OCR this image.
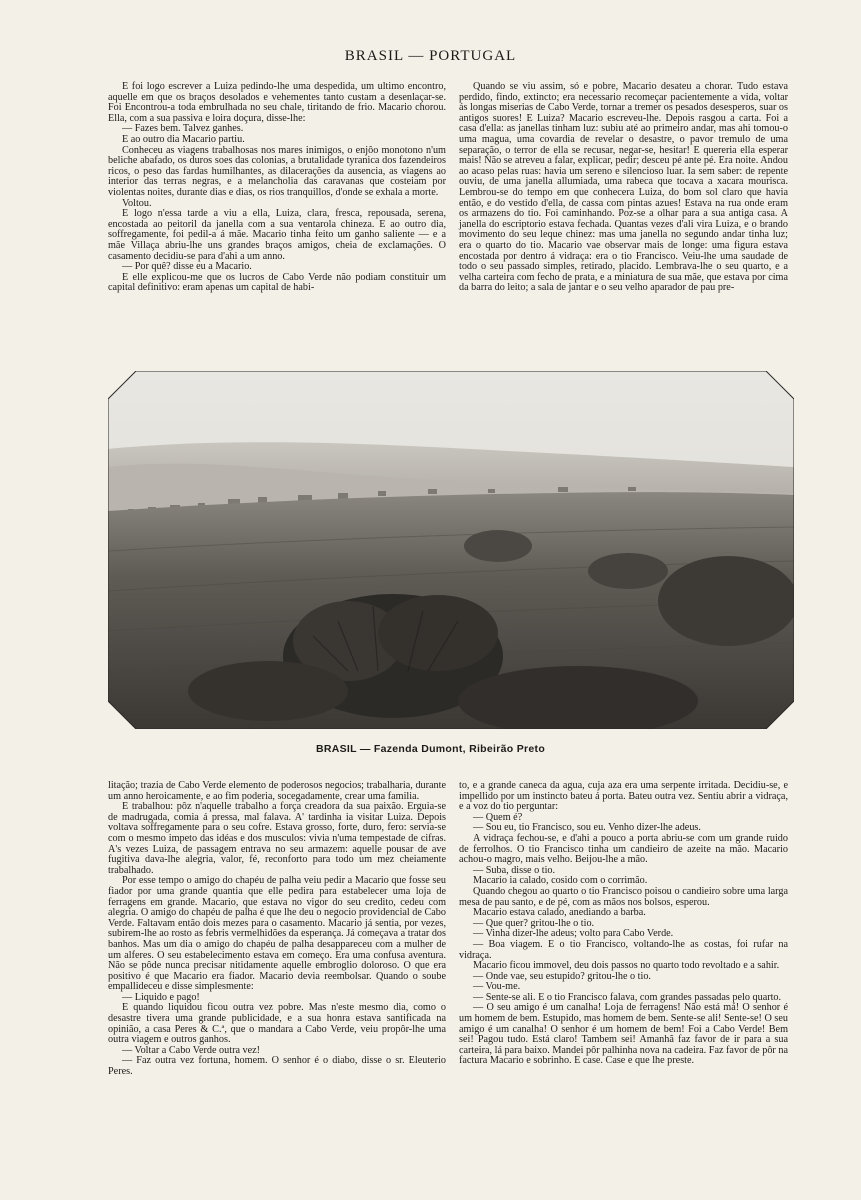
BRASIL — PORTUGAL

E foi logo escrever a Luiza pedindo-lhe uma despedida, um ultimo encontro, aquelle em que os braços desolados e vehementes tanto custam a desenlaçar-se. Foi Encontrou-a toda embrulhada no seu chale, tiritando de frio. Macario chorou. Ella, com a sua passiva e loira doçura, disse-lhe:

— Fazes bem. Talvez ganhes.

E ao outro dia Macario partiu.

Conheceu as viagens trabalhosas nos mares inimigos, o enjôo monotono n'um beliche abafado, os duros soes das colonias, a brutalidade tyranica dos fazendeiros ricos, o peso das fardas humilhantes, as dilacerações da ausencia, as viagens ao interior das terras negras, e a melancholia das caravanas que costeiam por violentas noites, durante dias e dias, os rios tranquillos, d'onde se exhala a morte.

Voltou.

E logo n'essa tarde a viu a ella, Luiza, clara, fresca, repousada, serena, encostada ao peitoril da janella com a sua ventarola chineza. E ao outro dia, soffregamente, foi pedil-a á mãe. Macario tinha feito um ganho saliente — e a mãe Villaça abriu-lhe uns grandes braços amigos, cheia de exclamações. O casamento decidiu-se para d'ahi a um anno.

— Por quê? disse eu a Macario.

E elle explicou-me que os lucros de Cabo Verde não podiam constituir um capital definitivo: eram apenas um capital de habi-

Quando se viu assim, só e pobre, Macario desateu a chorar. Tudo estava perdido, findo, extincto; era necessario recomeçar pacientemente a vida, voltar ás longas miserias de Cabo Verde, tornar a tremer os pesados desesperos, suar os antigos suores! E Luiza? Macario escreveu-lhe. Depois rasgou a carta. Foi a casa d'ella: as janellas tinham luz: subiu até ao primeiro andar, mas ahi tomou-o uma magua, uma covardia de revelar o desastre, o pavor tremulo de uma separação, o terror de ella se recusar, negar-se, hesitar! E quereria ella esperar mais! Não se atreveu a falar, explicar, pedir; desceu pé ante pé. Era noite. Andou ao acaso pelas ruas: havia um sereno e silencioso luar. Ia sem saber: de repente ouviu, de uma janella allumiada, uma rabeca que tocava a xacara mourisca. Lembrou-se do tempo em que conhecera Luiza, do bom sol claro que havia então, e do vestido d'ella, de cassa com pintas azues! Estava na rua onde eram os armazens do tio. Foi caminhando. Poz-se a olhar para a sua antiga casa. A janella do escriptorio estava fechada. Quantas vezes d'ali vira Luiza, e o brando movimento do seu leque chinez: mas uma janella no segundo andar tinha luz; era o quarto do tio. Macario vae observar mais de longe: uma figura estava encostada por dentro á vidraça: era o tio Francisco. Veiu-lhe uma saudade de todo o seu passado simples, retirado, placido. Lembrava-lhe o seu quarto, e a velha carteira com fecho de prata, e a miniatura de sua mãe, que estava por cima da barra do leito; a sala de jantar e o seu velho aparador de pau pre-

BRASIL — Fazenda Dumont, Ribeirão Preto

litação; trazia de Cabo Verde elemento de poderosos negocios; trabalharia, durante um anno heroicamente, e ao fim poderia, socegadamente, crear uma familia.

E trabalhou: pôz n'aquelle trabalho a força creadora da sua paixão. Erguia-se de madrugada, comia á pressa, mal falava. A' tardinha ia visitar Luiza. Depois voltava soffregamente para o seu cofre. Estava grosso, forte, duro, fero: servia-se com o mesmo impeto das idéas e dos musculos: vivia n'uma tempestade de cifras. A's vezes Luiza, de passagem entrava no seu armazem: aquelle pousar de ave fugitiva dava-lhe alegria, valor, fé, reconforto para todo um mez cheiamente trabalhado.

Por esse tempo o amigo do chapéu de palha veiu pedir a Macario que fosse seu fiador por uma grande quantia que elle pedira para estabelecer uma loja de ferragens em grande. Macario, que estava no vigor do seu credito, cedeu com alegria. O amigo do chapéu de palha é que lhe deu o negocio providencial de Cabo Verde. Faltavam então dois mezes para o casamento. Macario já sentia, por vezes, subirem-lhe ao rosto as febris vermelhidões da esperança. Já começava a tratar dos banhos. Mas um dia o amigo do chapéu de palha desappareceu com a mulher de um alferes. O seu estabelecimento estava em começo. Era uma confusa aventura. Não se pôde nunca precisar nitidamente aquelle embroglio doloroso. O que era positivo é que Macario era fiador. Macario devia reembolsar. Quando o soube empallideceu e disse simplesmente:

— Liquido e pago!

E quando liquidou ficou outra vez pobre. Mas n'este mesmo dia, como o desastre tivera uma grande publicidade, e a sua honra estava santificada na opinião, a casa Peres & C.ª, que o mandara a Cabo Verde, veiu propôr-lhe uma outra viagem e outros ganhos.

— Voltar a Cabo Verde outra vez!

— Faz outra vez fortuna, homem. O senhor é o diabo, disse o sr. Eleuterio Peres.

to, e a grande caneca da agua, cuja aza era uma serpente irritada. Decidiu-se, e impellido por um instincto bateu á porta. Bateu outra vez. Sentiu abrir a vidraça, e a voz do tio perguntar:

— Quem é?

— Sou eu, tio Francisco, sou eu. Venho dizer-lhe adeus.

A vidraça fechou-se, e d'ahi a pouco a porta abriu-se com um grande ruido de ferrolhos. O tio Francisco tinha um candieiro de azeite na mão. Macario achou-o magro, mais velho. Beijou-lhe a mão.

— Suba, disse o tio.

Macario ia calado, cosido com o corrimão.

Quando chegou ao quarto o tio Francisco poisou o candieiro sobre uma larga mesa de pau santo, e de pé, com as mãos nos bolsos, esperou.

Macario estava calado, anediando a barba.

— Que quer? gritou-lhe o tio.

— Vinha dizer-lhe adeus; volto para Cabo Verde.

— Boa viagem. E o tio Francisco, voltando-lhe as costas, foi rufar na vidraça.

Macario ficou immovel, deu dois passos no quarto todo revoltado e a sahir.

— Onde vae, seu estupido? gritou-lhe o tio.

— Vou-me.

— Sente-se ali. E o tio Francisco falava, com grandes passadas pelo quarto.

— O seu amigo é um canalha! Loja de ferragens! Não está má! O senhor é um homem de bem. Estupido, mas homem de bem. Sente-se ali! Sente-se! O seu amigo é um canalha! O senhor é um homem de bem! Foi a Cabo Verde! Bem sei! Pagou tudo. Está claro! Tambem sei! Amanhã faz favor de ir para a sua carteira, lá para baixo. Mandei pôr palhinha nova na cadeira. Faz favor de pôr na factura Macario e sobrinho. E case. Case e que lhe preste.
